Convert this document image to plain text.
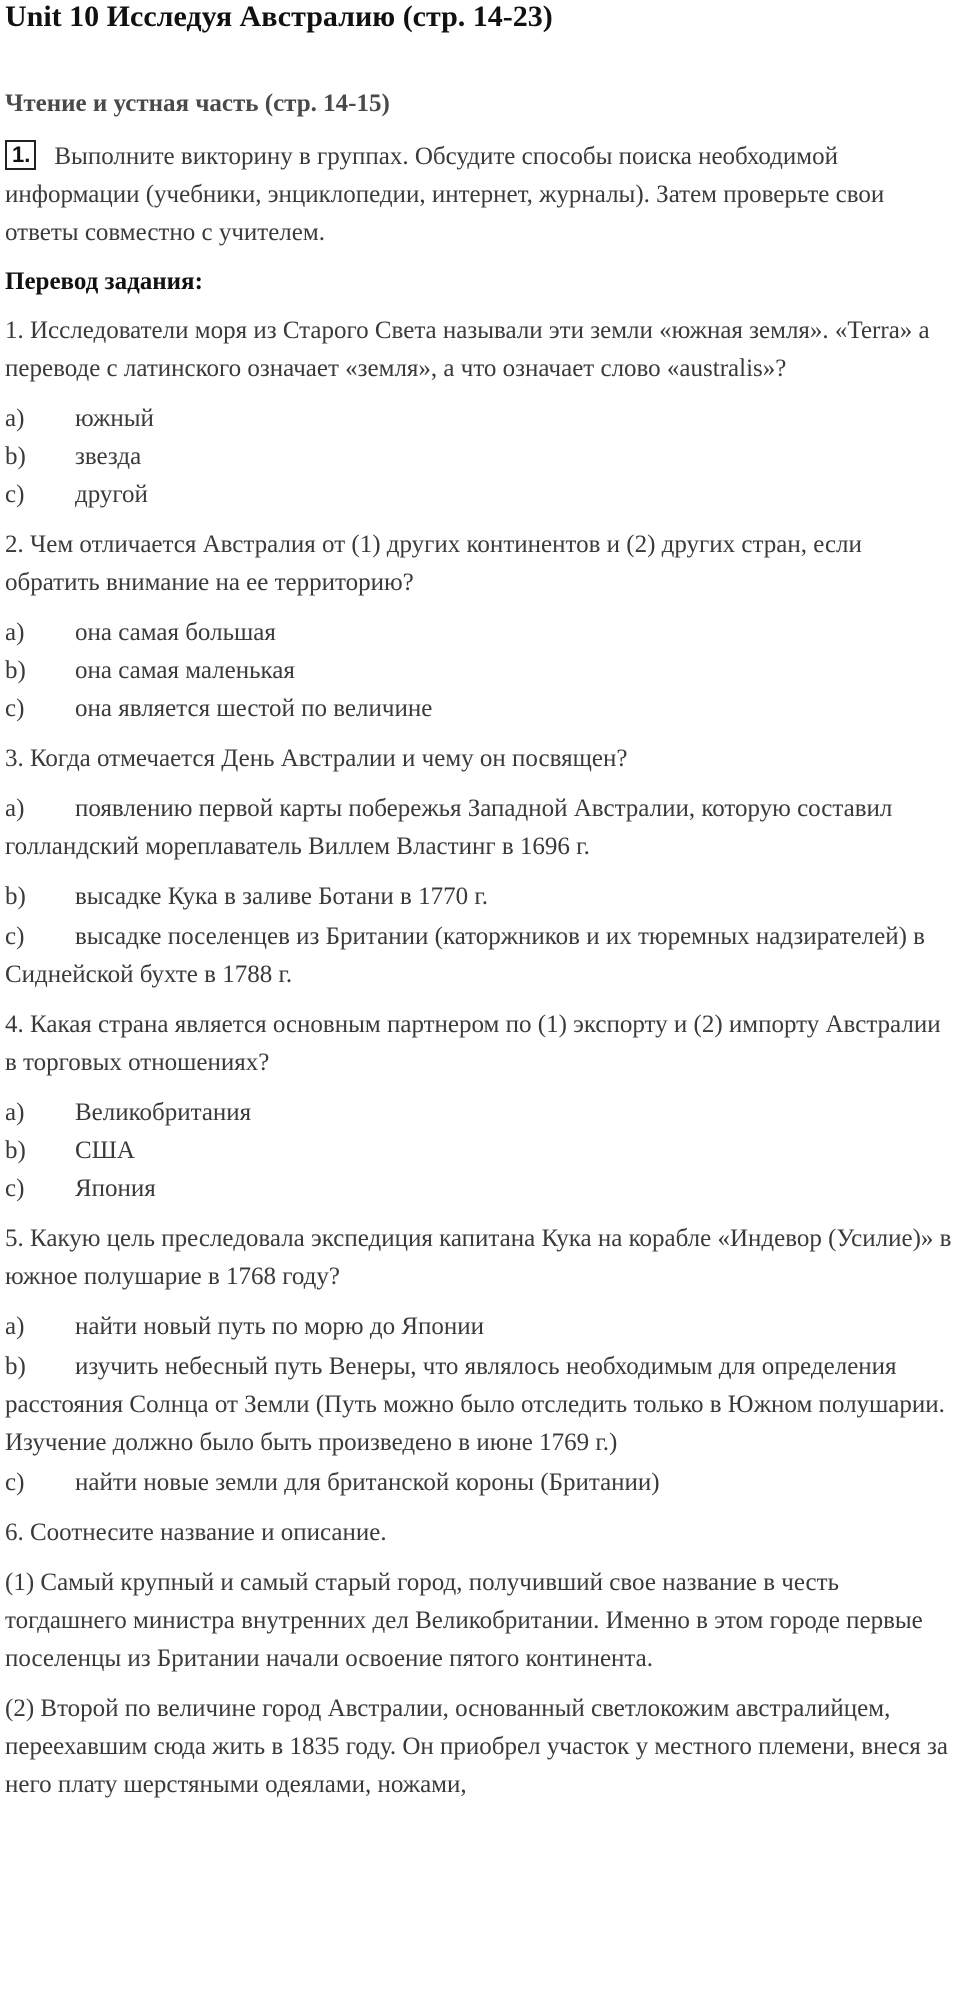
Unit 10 Исследуя Австралию (стр. 14-23)
Чтение и устная часть (стр. 14-15)
1. Выполните викторину в группах. Обсудите способы поиска необходимой информации (учебники, энциклопедии, интернет, журналы). Затем проверьте свои ответы совместно с учителем.
Перевод задания:
1. Исследователи моря из Старого Света называли эти земли «южная земля». «Terra» а переводе с латинского означает «земля», а что означает слово «australis»?
a) южный
b) звезда
c) другой
2. Чем отличается Австралия от (1) других континентов и (2) других стран, если обратить внимание на ее территорию?
a) она самая большая
b) она самая маленькая
c) она является шестой по величине
3. Когда отмечается День Австралии и чему он посвящен?
a) появлению первой карты побережья Западной Австралии, которую составил голландский мореплаватель Виллем Властинг в 1696 г.
b) высадке Кука в заливе Ботани в 1770 г.
c) высадке поселенцев из Британии (каторжников и их тюремных надзирателей) в Сиднейской бухте в 1788 г.
4. Какая страна является основным партнером по (1) экспорту и (2) импорту Австралии в торговых отношениях?
a) Великобритания
b) США
c) Япония
5. Какую цель преследовала экспедиция капитана Кука на корабле «Индевор (Усилие)» в южное полушарие в 1768 году?
a) найти новый путь по морю до Японии
b) изучить небесный путь Венеры, что являлось необходимым для определения расстояния Солнца от Земли (Путь можно было отследить только в Южном полушарии. Изучение должно было быть произведено в июне 1769 г.)
c) найти новые земли для британской короны (Британии)
6. Соотнесите название и описание.
(1) Самый крупный и самый старый город, получивший свое название в честь тогдашнего министра внутренних дел Великобритании. Именно в этом городе первые поселенцы из Британии начали освоение пятого континента.
(2) Второй по величине город Австралии, основанный светлокожим австралийцем, переехавшим сюда жить в 1835 году. Он приобрел участок у местного племени, внеся за него плату шерстяными одеялами, ножами,
